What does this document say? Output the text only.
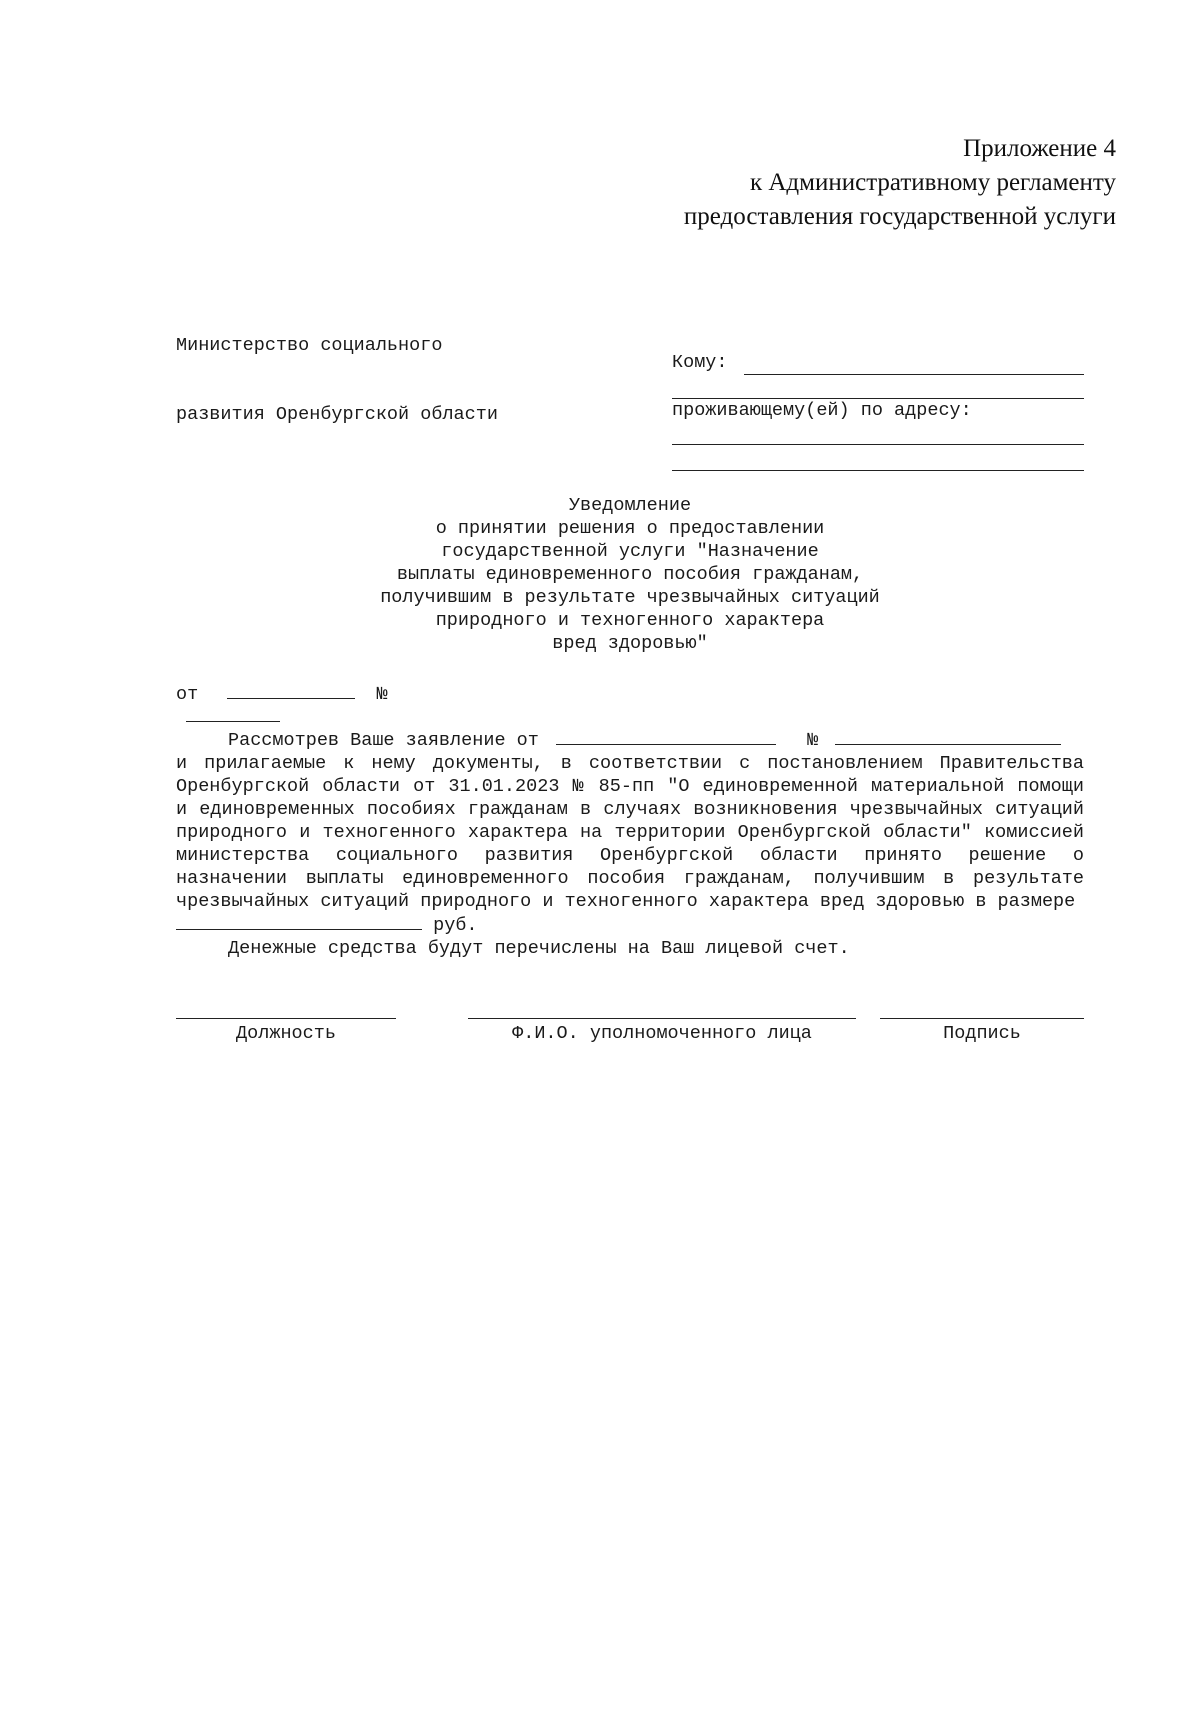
Приложение 4
к Административному регламенту
предоставления государственной услуги

Министерство социального

развития Оренбургской области

Кому:
проживающему(ей) по адресу:
Уведомление
о принятии решения о предоставлении
государственной услуги "Назначение
выплаты единовременного пособия гражданам,
получившим в результате чрезвычайных ситуаций
природного и техногенного характера
вред здоровью"
от	№

Рассмотрев Ваше заявление от	№

и прилагаемые к нему документы, в соответствии с постановлением Правительства Оренбургской области от 31.01.2023 № 85-пп "О единовременной материальной помощи и единовременных пособиях гражданам в случаях возникновения чрезвычайных ситуаций природного и техногенного характера на территории Оренбургской области" комиссией министерства социального развития Оренбургской области принято решение о назначении выплаты единовременного пособия гражданам, получившим в результате чрезвычайных ситуаций природного и техногенного характера вред здоровью в размере

руб.

Денежные средства будут перечислены на Ваш лицевой счет.

Должность	Ф.И.О. уполномоченного лица	Подпись
